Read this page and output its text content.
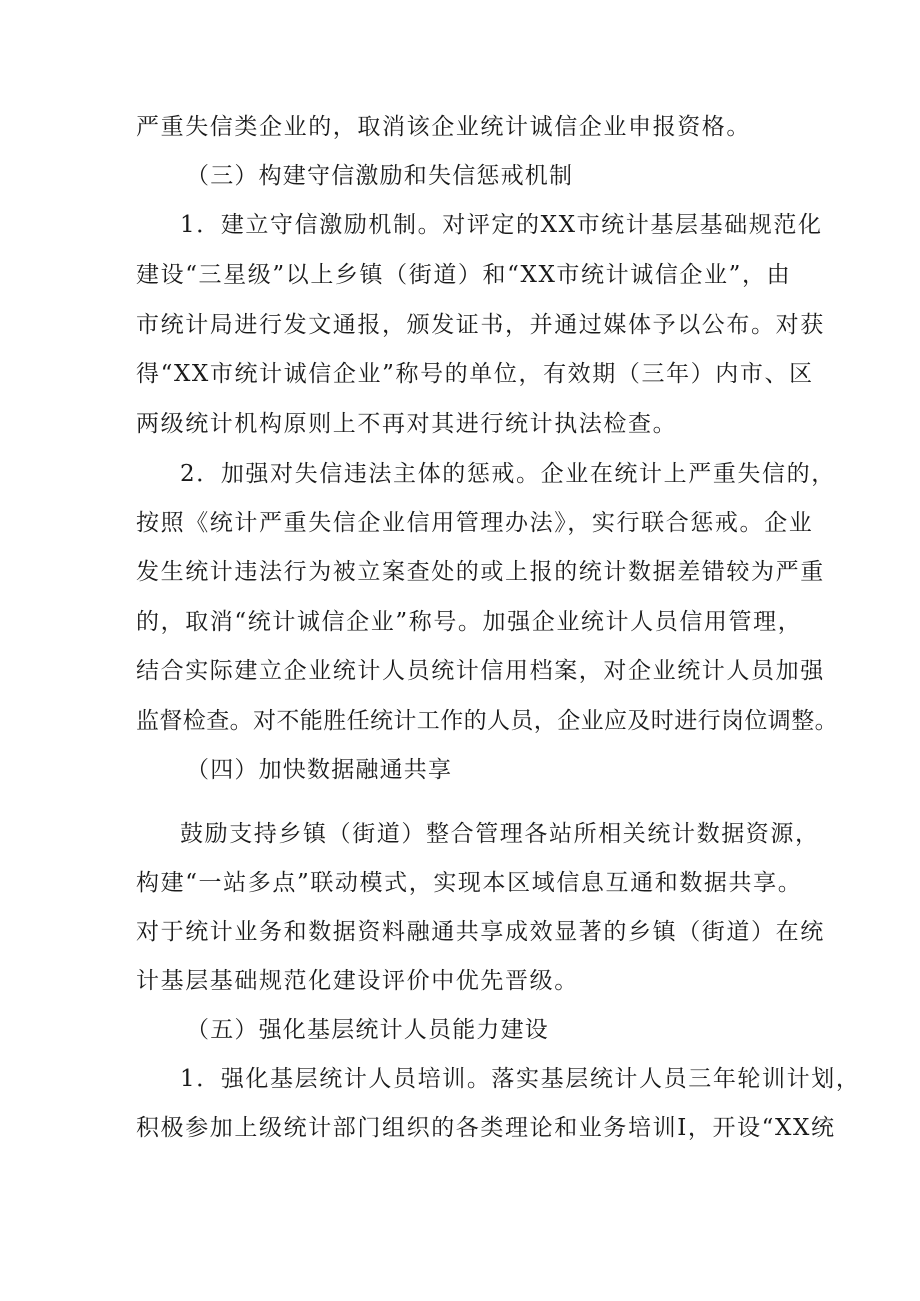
严重失信类企业的，取消该企业统计诚信企业申报资格。
（三）构建守信激励和失信惩戒机制
1．建立守信激励机制。对评定的XX市统计基层基础规范化
建设“三星级”以上乡镇（街道）和“XX市统计诚信企业”，由
市统计局进行发文通报，颁发证书，并通过媒体予以公布。对获
得“XX市统计诚信企业”称号的单位，有效期（三年）内市、区
两级统计机构原则上不再对其进行统计执法检查。
2．加强对失信违法主体的惩戒。企业在统计上严重失信的，
按照《统计严重失信企业信用管理办法》，实行联合惩戒。企业
发生统计违法行为被立案查处的或上报的统计数据差错较为严重
的，取消“统计诚信企业”称号。加强企业统计人员信用管理，
结合实际建立企业统计人员统计信用档案，对企业统计人员加强
监督检查。对不能胜任统计工作的人员，企业应及时进行岗位调整。
（四）加快数据融通共享
鼓励支持乡镇（街道）整合管理各站所相关统计数据资源，
构建“一站多点”联动模式，实现本区域信息互通和数据共享。
对于统计业务和数据资料融通共享成效显著的乡镇（街道）在统
计基层基础规范化建设评价中优先晋级。
（五）强化基层统计人员能力建设
1．强化基层统计人员培训。落实基层统计人员三年轮训计划，
积极参加上级统计部门组织的各类理论和业务培训I，开设“XX统
